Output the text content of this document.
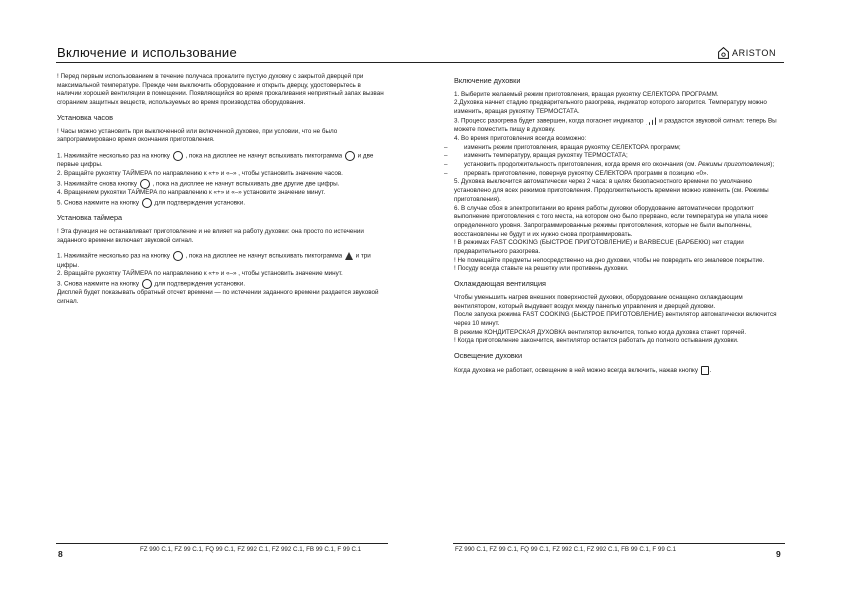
Включение и использование	ARISTON

! Перед первым использованием в течение получаса прокалите пустую духовку с закрытой дверцей при максимальной температуре. Прежде чем выключить оборудование и открыть дверцу, удостоверьтесь в наличии хорошей вентиляции в помещении. Появляющийся во время прокаливания неприятный запах вызван сгоранием защитных веществ, используемых во время производства оборудования.

Установка часов

! Часы можно установить при выключенной или включенной духовке, при условии, что не было запрограммировано время окончания приготовления.

1. Нажимайте несколько раз на кнопку , пока на дисплее не начнут вспыхивать пиктограмма и две первые цифры.

2. Вращайте рукоятку ТАЙМЕРА по направлению к «+» и «–» , чтобы установить значение часов.

3. Нажимайте снова кнопку , пока на дисплее не начнут вспыхивать две другие две цифры.

4. Вращением рукоятки ТАЙМЕРА по направлению к «+» и «–» установите значение минут.

5. Снова нажмите на кнопку для подтверждения установки.

Установка таймера

! Эта функция не останавливает приготовление и не влияет на работу духовки: она просто по истечении заданного времени включает звуковой сигнал.

1. Нажимайте несколько раз на кнопку , пока на дисплее не начнут вспыхивать пиктограмма и три цифры.

2. Вращайте рукоятку ТАЙМЕРА по направлению к «+» и «–» , чтобы установить значение минут.

3. Снова нажмите на кнопку для подтверждения установки.

Дисплей будет показывать обратный отсчет времени — по истечении заданного времени раздается звуковой сигнал.

8	FZ 990 C.1, FZ 99 C.1, FQ 99 C.1, FZ 992 C.1, FZ 992 C.1, FB 99 C.1, F 99 C.1

Включение духовки

1. Выберите желаемый режим приготовления, вращая рукоятку СЕЛЕКТОРА ПРОГРАММ.

2.Духовка начнет стадию предварительного разогрева, индикатор которого загорится. Температуру можно изменить, вращая рукоятку ТЕРМОСТАТА.

3. Процесс разогрева будет завершен, когда погаснет индикатор и раздастся звуковой сигнал: теперь Вы можете поместить пищу в духовку.

4. Во время приготовления всегда возможно:

–	изменить режим приготовления, вращая рукоятку СЕЛЕКТОРА программ;

–	изменить температуру, вращая рукоятку ТЕРМОСТАТА;

–	установить продолжительность приготовления, когда время его окончания (см. Режимы приготовления);

–	прервать приготовление, повернув рукоятку СЕЛЕКТОРА программ в позицию «0».

5. Духовка выключится автоматически через 2 часа: в целях безопасностного времени по умолчанию установлено для всех режимов приготовления. Продолжительность времени можно изменить (см. Режимы приготовления).

6. В случае сбоя в электропитании во время работы духовки оборудование автоматически продолжит выполнение приготовления с того места, на котором оно было прервано, если температура не упала ниже определенного уровня. Запрограммированные режимы приготовления, которые не были выполнены, восстановлены не будут и их нужно снова программировать.

! В режимах FAST COOKING (БЫСТРОЕ ПРИГОТОВЛЕНИЕ) и BARBECUE (БАРБЕКЮ) нет стадии предварительного разогрева.

! Не помещайте предметы непосредственно на дно духовки, чтобы не повредить его эмалевое покрытие.

! Посуду всегда ставьте на решетку или противень духовки.

Охлаждающая вентиляция

Чтобы уменьшить нагрев внешних поверхностей духовки, оборудование оснащено охлаждающим вентилятором, который выдувает воздух между панелью управления и дверцей духовки.

После запуска режима FAST COOKING (БЫСТРОЕ ПРИГОТОВЛЕНИЕ) вентилятор автоматически включится через 10 минут.

В режиме КОНДИТЕРСКАЯ ДУХОВКА вентилятор включится, только когда духовка станет горячей.

! Когда приготовление закончится, вентилятор остается работать до полного остывания духовки.

Освещение духовки

Когда духовка не работает, освещение в ней можно всегда включить, нажав кнопку .

FZ 990 C.1, FZ 99 C.1, FQ 99 C.1, FZ 992 C.1, FZ 992 C.1, FB 99 C.1, F 99 C.1	9
